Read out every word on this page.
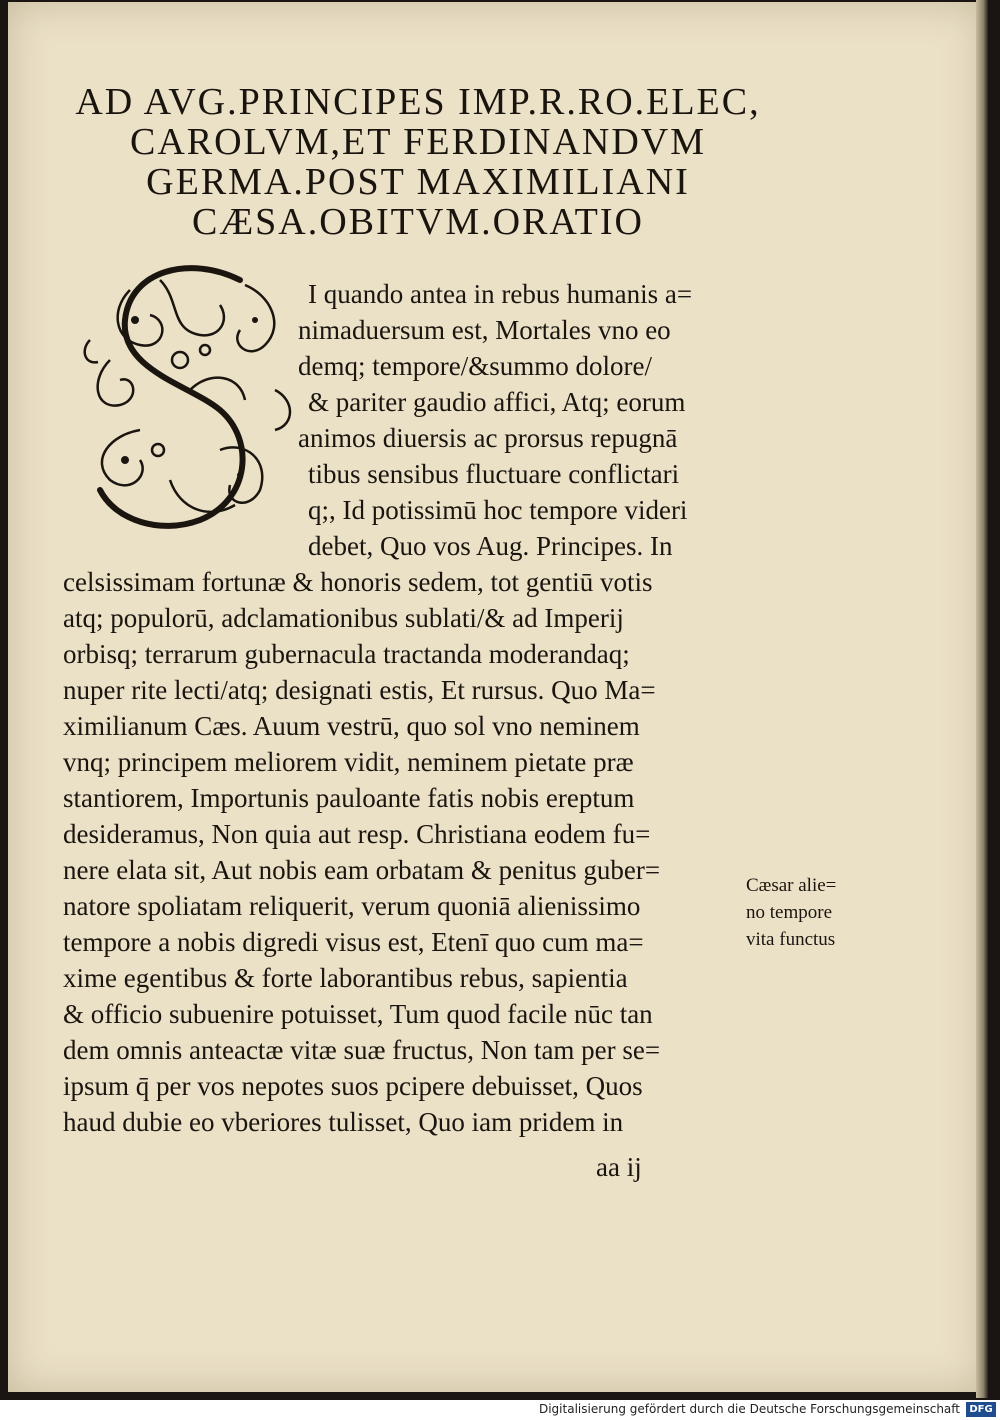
AD AVG.PRINCIPES IMP.R.RO.ELEC,
CAROLVM,ET FERDINANDVM
GERMA.POST MAXIMILIANI
CÆSA.OBITVM.ORATIO
I quando antea in rebus humanis a=
nimaduersum est, Mortales vno eo
demq; tempore/&summo dolore/
& pariter gaudio affici, Atq; eorum
animos diuersis ac prorsus repugnā
tibus sensibus fluctuare conflictari
q;, Id potissimū hoc tempore videri
debet, Quo vos Aug. Principes. In
celsissimam fortunæ & honoris sedem, tot gentiū votis
atq; populorū, adclamationibus sublati/& ad Imperij
orbisq; terrarum gubernacula tractanda moderandaq;
nuper rite lecti/atq; designati estis, Et rursus. Quo Ma=
ximilianum Cæs. Auum vestrū, quo sol vno neminem
vnq; principem meliorem vidit, neminem pietate præ
stantiorem, Importunis pauloante fatis nobis ereptum
desideramus, Non quia aut resp. Christiana eodem fu=
nere elata sit, Aut nobis eam orbatam & penitus guber=
natore spoliatam reliquerit, verum quoniā alienissimo
tempore a nobis digredi visus est, Etenī quo cum ma=
xime egentibus & forte laborantibus rebus, sapientia
& officio subuenire potuisset, Tum quod facile nūc tan
dem omnis anteactæ vitæ suæ fructus, Non tam per se=
ipsum q̄ per vos nepotes suos pcipere debuisset, Quos
haud dubie eo vberiores tulisset, Quo iam pridem in
Cæsar alie=
no tempore
vita functus
aa ij
Digitalisierung gefördert durch die Deutsche Forschungsgemeinschaft DFG
